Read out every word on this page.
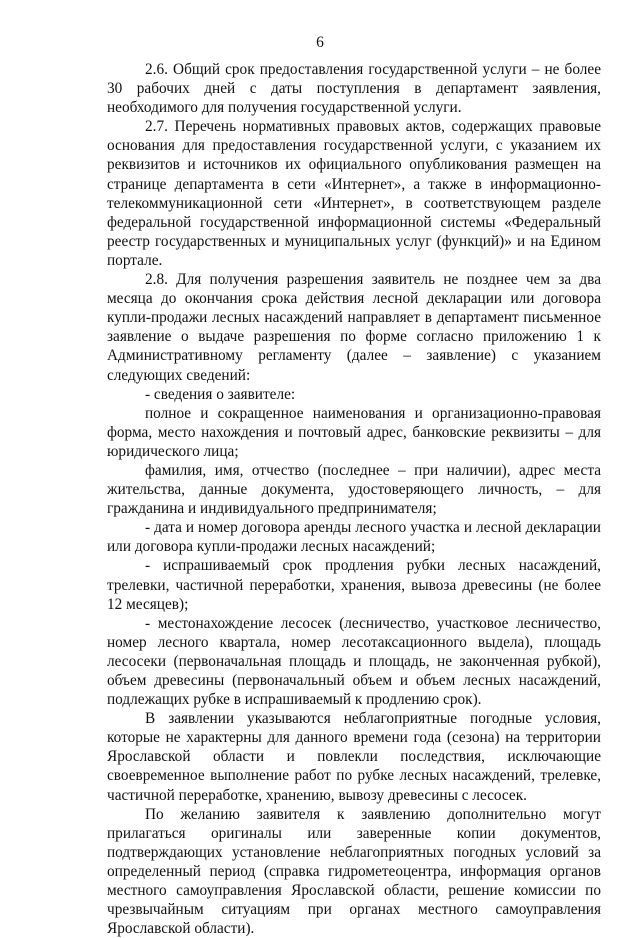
6

2.6. Общий срок предоставления государственной услуги – не более 30 рабочих дней с даты поступления в департамент заявления, необходимого для получения государственной услуги.

2.7. Перечень нормативных правовых актов, содержащих правовые основания для предоставления государственной услуги, с указанием их реквизитов и источников их официального опубликования размещен на странице департамента в сети «Интернет», а также в информационно-телекоммуникационной сети «Интернет», в соответствующем разделе федеральной государственной информационной системы «Федеральный реестр государственных и муниципальных услуг (функций)» и на Едином портале.

2.8. Для получения разрешения заявитель не позднее чем за два месяца до окончания срока действия лесной декларации или договора купли-продажи лесных насаждений направляет в департамент письменное заявление о выдаче разрешения по форме согласно приложению 1 к Административному регламенту (далее – заявление) с указанием следующих сведений:

- сведения о заявителе:

полное и сокращенное наименования и организационно-правовая форма, место нахождения и почтовый адрес, банковские реквизиты – для юридического лица;

фамилия, имя, отчество (последнее – при наличии), адрес места жительства, данные документа, удостоверяющего личность, – для гражданина и индивидуального предпринимателя;

- дата и номер договора аренды лесного участка и лесной декларации или договора купли-продажи лесных насаждений;

- испрашиваемый срок продления рубки лесных насаждений, трелевки, частичной переработки, хранения, вывоза древесины (не более 12 месяцев);

- местонахождение лесосек (лесничество, участковое лесничество, номер лесного квартала, номер лесотаксационного выдела), площадь лесосеки (первоначальная площадь и площадь, не законченная рубкой), объем древесины (первоначальный объем и объем лесных насаждений, подлежащих рубке в испрашиваемый к продлению срок).

В заявлении указываются неблагоприятные погодные условия, которые не характерны для данного времени года (сезона) на территории Ярославской области и повлекли последствия, исключающие своевременное выполнение работ по рубке лесных насаждений, трелевке, частичной переработке, хранению, вывозу древесины с лесосек.

По желанию заявителя к заявлению дополнительно могут прилагаться оригиналы или заверенные копии документов, подтверждающих установление неблагоприятных погодных условий за определенный период (справка гидрометеоцентра, информация органов местного самоуправления Ярославской области, решение комиссии по чрезвычайным ситуациям при органах местного самоуправления Ярославской области).
